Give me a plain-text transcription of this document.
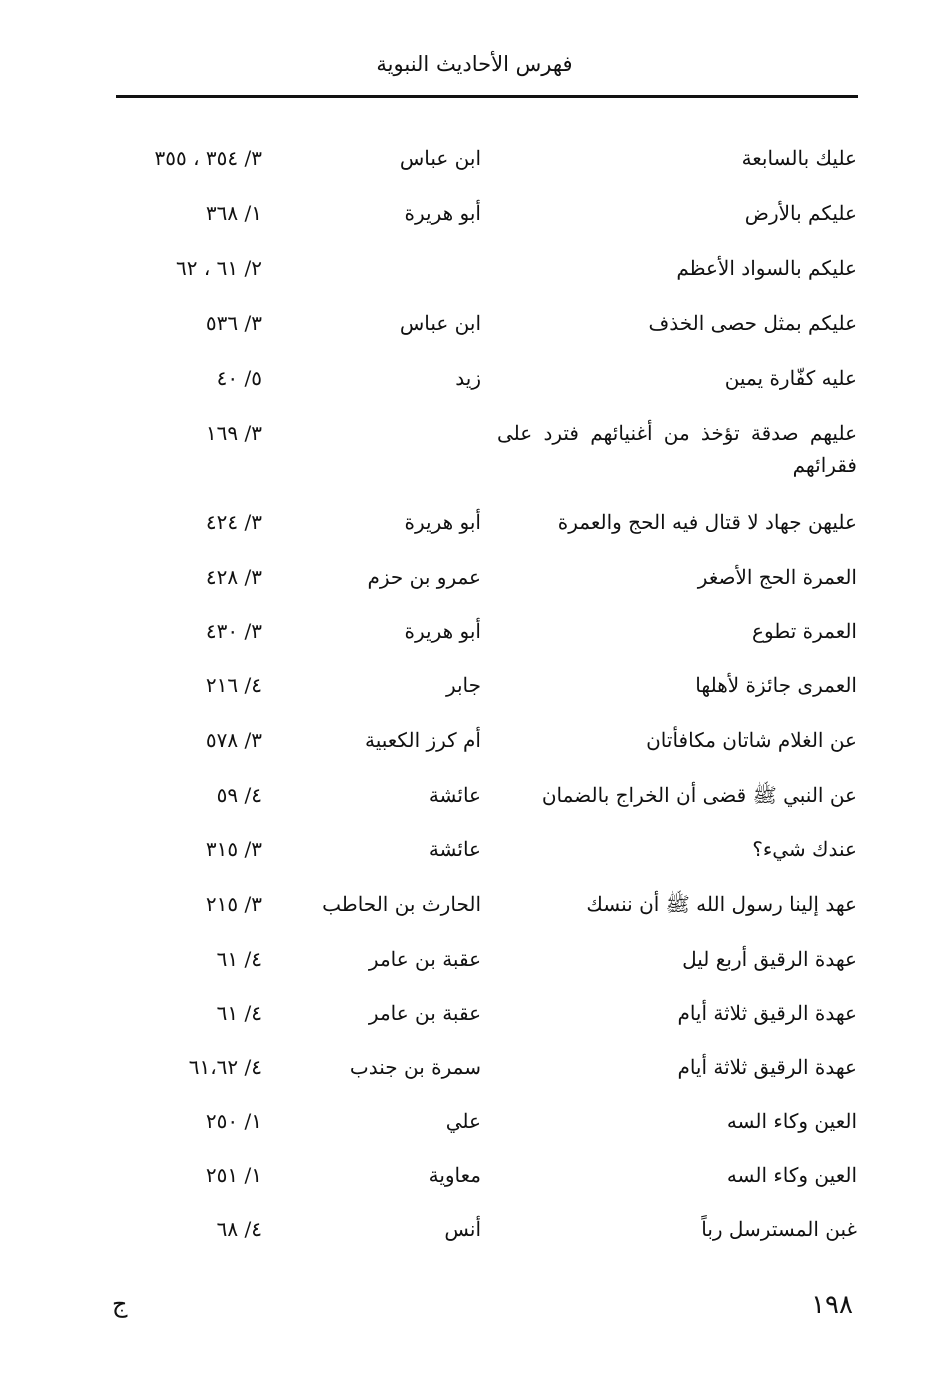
فهرس الأحاديث النبوية
عليك بالسابعة
ابن عباس
٣/ ٣٥٤ ، ٣٥٥
عليكم بالأرض
أبو هريرة
١/ ٣٦٨
عليكم بالسواد الأعظم
٢/ ٦١ ، ٦٢
عليكم بمثل حصى الخذف
ابن عباس
٣/ ٥٣٦
عليه كفّارة يمين
زيد
٥/ ٤٠
عليهم صدقة تؤخذ من أغنيائهم فترد على فقرائهم
٣/ ١٦٩
عليهن جهاد لا قتال فيه الحج والعمرة
أبو هريرة
٣/ ٤٢٤
العمرة الحج الأصغر
عمرو بن حزم
٣/ ٤٢٨
العمرة تطوع
أبو هريرة
٣/ ٤٣٠
العمرى جائزة لأهلها
جابر
٤/ ٢١٦
عن الغلام شاتان مكافأتان
أم كرز الكعبية
٣/ ٥٧٨
عن النبي ﷺ قضى أن الخراج بالضمان
عائشة
٤/ ٥٩
عندك شيء؟
عائشة
٣/ ٣١٥
عهد إلينا رسول الله ﷺ أن ننسك
الحارث بن الحاطب
٣/ ٢١٥
عهدة الرقيق أربع ليل
عقبة بن عامر
٤/ ٦١
عهدة الرقيق ثلاثة أيام
عقبة بن عامر
٤/ ٦١
عهدة الرقيق ثلاثة أيام
سمرة بن جندب
٤/ ٦١،٦٢
العين وكاء السه
علي
١/ ٢٥٠
العين وكاء السه
معاوية
١/ ٢٥١
غبن المسترسل رباً
أنس
٤/ ٦٨
١٩٨
ج
